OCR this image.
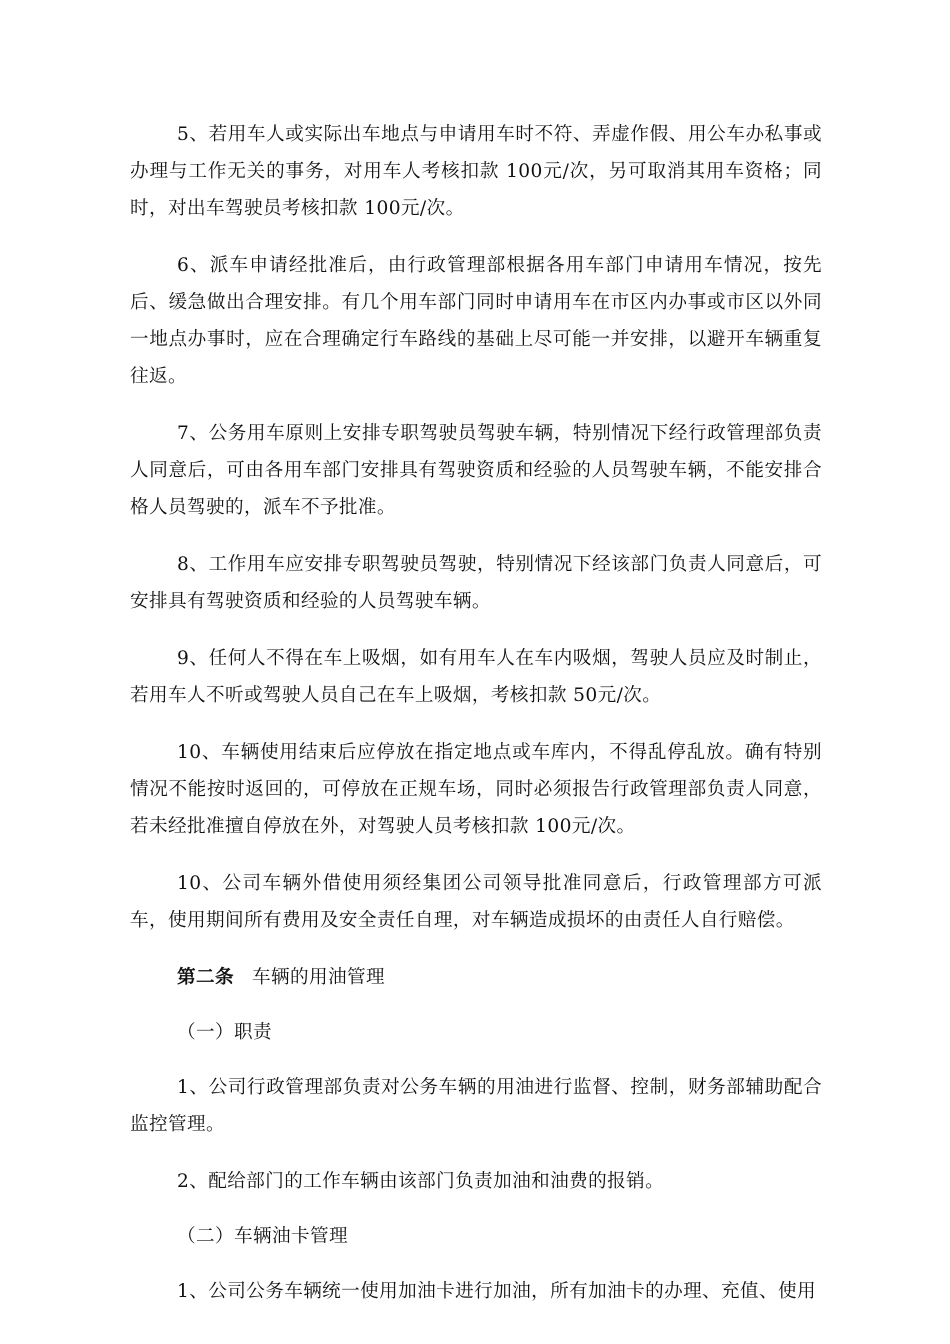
5、若用车人或实际出车地点与申请用车时不符、弄虚作假、用公车办私事或办理与工作无关的事务，对用车人考核扣款 100元/次，另可取消其用车资格；同时，对出车驾驶员考核扣款 100元/次。

6、派车申请经批准后，由行政管理部根据各用车部门申请用车情况，按先后、缓急做出合理安排。有几个用车部门同时申请用车在市区内办事或市区以外同一地点办事时，应在合理确定行车路线的基础上尽可能一并安排，以避开车辆重复往返。

7、公务用车原则上安排专职驾驶员驾驶车辆，特别情况下经行政管理部负责人同意后，可由各用车部门安排具有驾驶资质和经验的人员驾驶车辆，不能安排合格人员驾驶的，派车不予批准。

8、工作用车应安排专职驾驶员驾驶，特别情况下经该部门负责人同意后，可安排具有驾驶资质和经验的人员驾驶车辆。

9、任何人不得在车上吸烟，如有用车人在车内吸烟，驾驶人员应及时制止，若用车人不听或驾驶人员自己在车上吸烟，考核扣款 50元/次。

10、车辆使用结束后应停放在指定地点或车库内，不得乱停乱放。确有特别情况不能按时返回的，可停放在正规车场，同时必须报告行政管理部负责人同意，若未经批准擅自停放在外，对驾驶人员考核扣款 100元/次。

10、公司车辆外借使用须经集团公司领导批准同意后，行政管理部方可派车，使用期间所有费用及安全责任自理，对车辆造成损坏的由责任人自行赔偿。

第二条 车辆的用油管理

（一）职责

1、公司行政管理部负责对公务车辆的用油进行监督、控制，财务部辅助配合监控管理。

2、配给部门的工作车辆由该部门负责加油和油费的报销。

（二）车辆油卡管理

1、公司公务车辆统一使用加油卡进行加油，所有加油卡的办理、充值、使用
